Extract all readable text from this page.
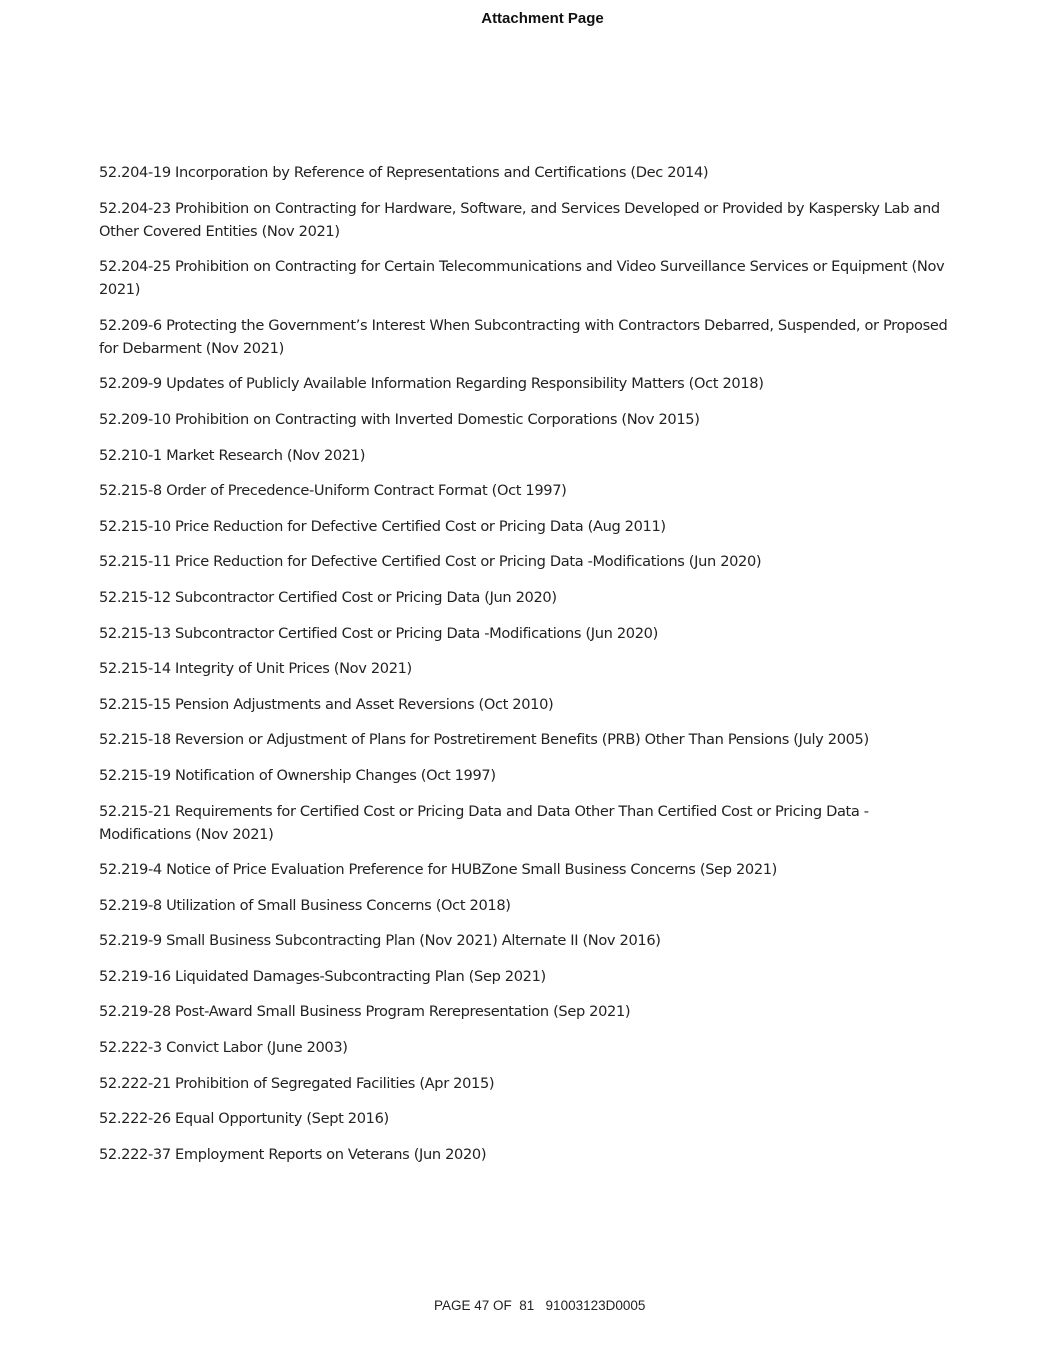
Attachment Page
52.204-19 Incorporation by Reference of Representations and Certifications (Dec 2014)
52.204-23 Prohibition on Contracting for Hardware, Software, and Services Developed or Provided by Kaspersky Lab and Other Covered Entities (Nov 2021)
52.204-25 Prohibition on Contracting for Certain Telecommunications and Video Surveillance Services or Equipment (Nov 2021)
52.209-6 Protecting the Government’s Interest When Subcontracting with Contractors Debarred, Suspended, or Proposed for Debarment (Nov 2021)
52.209-9 Updates of Publicly Available Information Regarding Responsibility Matters (Oct 2018)
52.209-10 Prohibition on Contracting with Inverted Domestic Corporations (Nov 2015)
52.210-1 Market Research (Nov 2021)
52.215-8 Order of Precedence-Uniform Contract Format (Oct 1997)
52.215-10 Price Reduction for Defective Certified Cost or Pricing Data (Aug 2011)
52.215-11 Price Reduction for Defective Certified Cost or Pricing Data -Modifications (Jun 2020)
52.215-12 Subcontractor Certified Cost or Pricing Data (Jun 2020)
52.215-13 Subcontractor Certified Cost or Pricing Data -Modifications (Jun 2020)
52.215-14 Integrity of Unit Prices (Nov 2021)
52.215-15 Pension Adjustments and Asset Reversions (Oct 2010)
52.215-18 Reversion or Adjustment of Plans for Postretirement Benefits (PRB) Other Than Pensions (July 2005)
52.215-19 Notification of Ownership Changes (Oct 1997)
52.215-21 Requirements for Certified Cost or Pricing Data and Data Other Than Certified Cost or Pricing Data -Modifications (Nov 2021)
52.219-4 Notice of Price Evaluation Preference for HUBZone Small Business Concerns (Sep 2021)
52.219-8 Utilization of Small Business Concerns (Oct 2018)
52.219-9 Small Business Subcontracting Plan (Nov 2021) Alternate II (Nov 2016)
52.219-16 Liquidated Damages-Subcontracting Plan (Sep 2021)
52.219-28 Post-Award Small Business Program Rerepresentation (Sep 2021)
52.222-3 Convict Labor (June 2003)
52.222-21 Prohibition of Segregated Facilities (Apr 2015)
52.222-26 Equal Opportunity (Sept 2016)
52.222-37 Employment Reports on Veterans (Jun 2020)
PAGE 47 OF  81   91003123D0005
